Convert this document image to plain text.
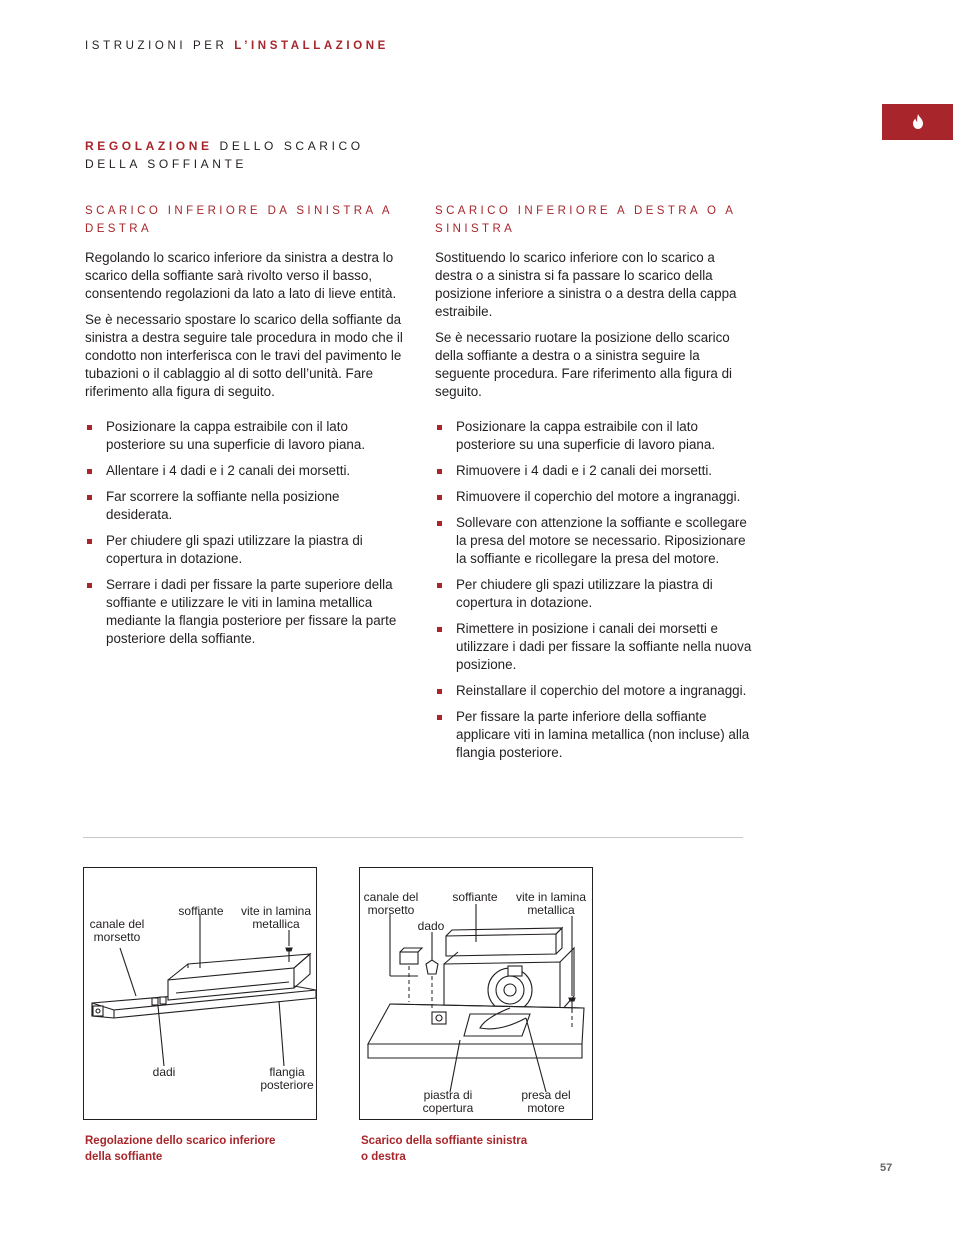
ISTRUZIONI PER L’INSTALLAZIONE
REGOLAZIONE DELLO SCARICO DELLA SOFFIANTE
SCARICO INFERIORE DA SINISTRA A DESTRA

Regolando lo scarico inferiore da sinistra a destra lo scarico della soffiante sarà rivolto verso il basso, consentendo regolazioni da lato a lato di lieve entità.

Se è necessario spostare lo scarico della soffiante da sinistra a destra seguire tale procedura in modo che il condotto non interferisca con le travi del pavimento le tubazioni o il cablaggio al di sotto dell’unità. Fare riferimento alla figura di seguito.

Posizionare la cappa estraibile con il lato posteriore su una superficie di lavoro piana.
Allentare i 4 dadi e i 2 canali dei morsetti.
Far scorrere la soffiante nella posizione desiderata.
Per chiudere gli spazi utilizzare la piastra di copertura in dotazione.
Serrare i dadi per fissare la parte superiore della soffiante e utilizzare le viti in lamina metallica mediante la flangia posteriore per fissare la parte posteriore della soffiante.
SCARICO INFERIORE A DESTRA O A SINISTRA

Sostituendo lo scarico inferiore con lo scarico a destra o a sinistra si fa passare lo scarico della posizione inferiore a sinistra o a destra della cappa estraibile.

Se è necessario ruotare la posizione dello scarico della soffiante a destra o a sinistra seguire la seguente procedura. Fare riferimento alla figura di seguito.

Posizionare la cappa estraibile con il lato posteriore su una superficie di lavoro piana.
Rimuovere i 4 dadi e i 2 canali dei morsetti.
Rimuovere il coperchio del motore a ingranaggi.
Sollevare con attenzione la soffiante e scollegare la presa del motore se necessario. Riposizionare la soffiante e ricollegare la presa del motore.
Per chiudere gli spazi utilizzare la piastra di copertura in dotazione.
Rimettere in posizione i canali dei morsetti e utilizzare i dadi per fissare la soffiante nella nuova posizione.
Reinstallare il coperchio del motore a ingranaggi.
Per fissare la parte inferiore della soffiante applicare viti in lamina metallica (non incluse) alla flangia posteriore.
canale del
morsetto
soffiante	vite in lamina
metallica
dadi	flangia
posteriore
Regolazione dello scarico inferiore
della soffiante
canale del
morsetto
soffiante	vite in lamina
metallica
dado
piastra di
copertura
presa del
motore
Scarico della soffiante sinistra
o destra
57
